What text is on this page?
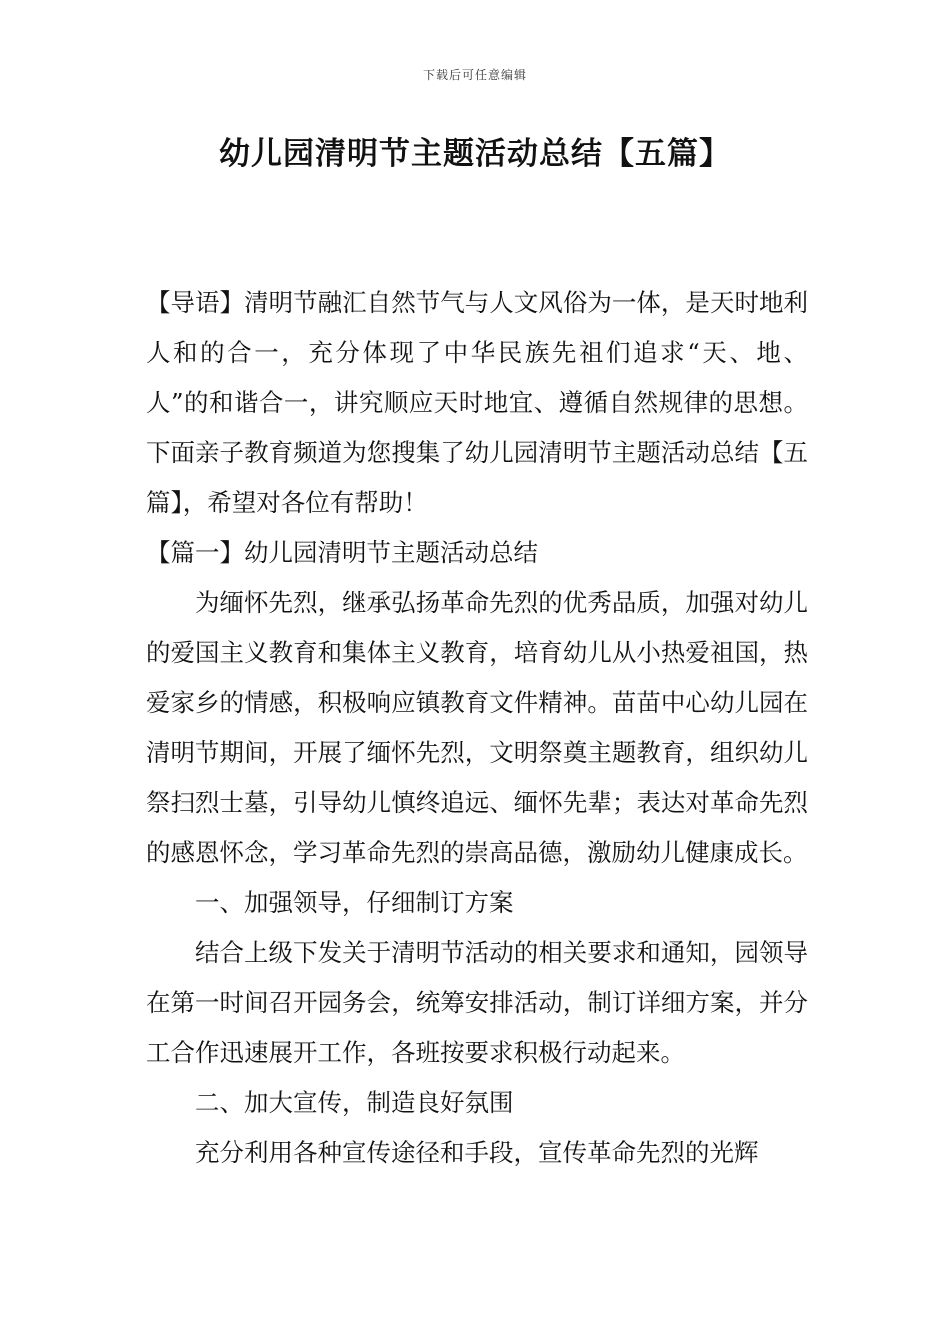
下载后可任意编辑
幼儿园清明节主题活动总结【五篇】

【导语】清明节融汇自然节气与人文风俗为一体，是天时地利人和的合一，充分体现了中华民族先祖们追求“天、地、人”的和谐合一，讲究顺应天时地宜、遵循自然规律的思想。下面亲子教育频道为您搜集了幼儿园清明节主题活动总结【五篇】，希望对各位有帮助！

【篇一】幼儿园清明节主题活动总结

为缅怀先烈，继承弘扬革命先烈的优秀品质，加强对幼儿的爱国主义教育和集体主义教育，培育幼儿从小热爱祖国，热爱家乡的情感，积极响应镇教育文件精神。苗苗中心幼儿园在清明节期间，开展了缅怀先烈，文明祭奠主题教育，组织幼儿祭扫烈士墓，引导幼儿慎终追远、缅怀先辈；表达对革命先烈的感恩怀念，学习革命先烈的崇高品德，激励幼儿健康成长。

一、加强领导，仔细制订方案

结合上级下发关于清明节活动的相关要求和通知，园领导在第一时间召开园务会，统筹安排活动，制订详细方案，并分工合作迅速展开工作，各班按要求积极行动起来。

二、加大宣传，制造良好氛围

充分利用各种宣传途径和手段，宣传革命先烈的光辉
